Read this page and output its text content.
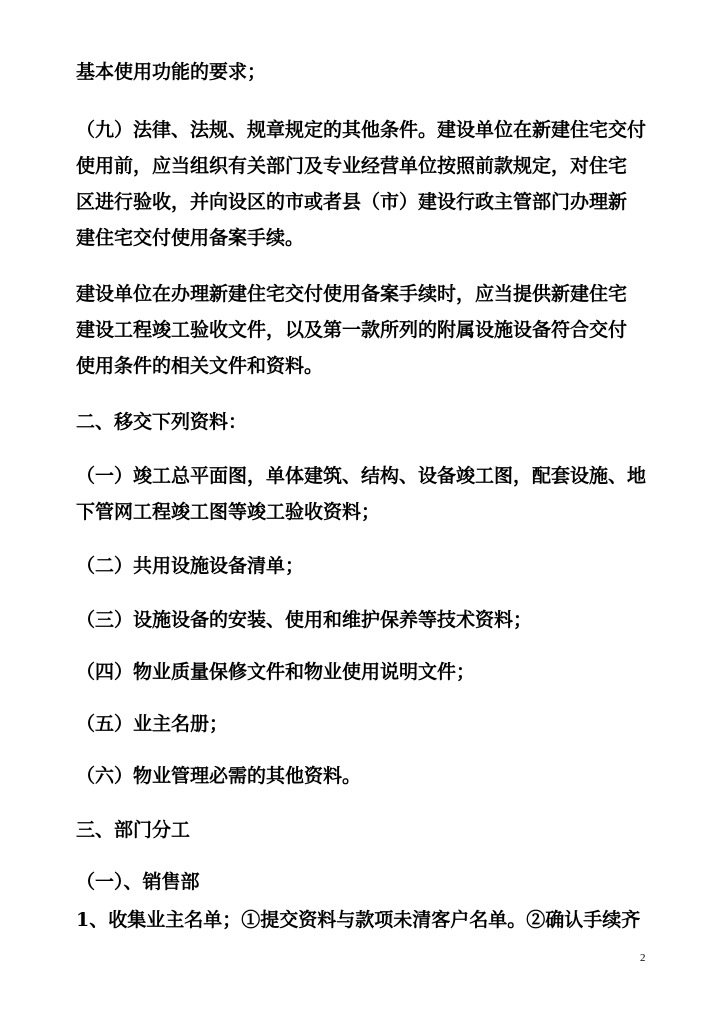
基本使用功能的要求；

（九）法律、法规、规章规定的其他条件。建设单位在新建住宅交付
使用前，应当组织有关部门及专业经营单位按照前款规定，对住宅
区进行验收，并向设区的市或者县（市）建设行政主管部门办理新
建住宅交付使用备案手续。

建设单位在办理新建住宅交付使用备案手续时，应当提供新建住宅
建设工程竣工验收文件，以及第一款所列的附属设施设备符合交付
使用条件的相关文件和资料。

二、移交下列资料：

（一）竣工总平面图，单体建筑、结构、设备竣工图，配套设施、地
下管网工程竣工图等竣工验收资料；

（二）共用设施设备清单；

（三）设施设备的安装、使用和维护保养等技术资料；

（四）物业质量保修文件和物业使用说明文件；

（五）业主名册；

（六）物业管理必需的其他资料。

三、部门分工

（一）、销售部

1、收集业主名单；①提交资料与款项未清客户名单。②确认手续齐

2
